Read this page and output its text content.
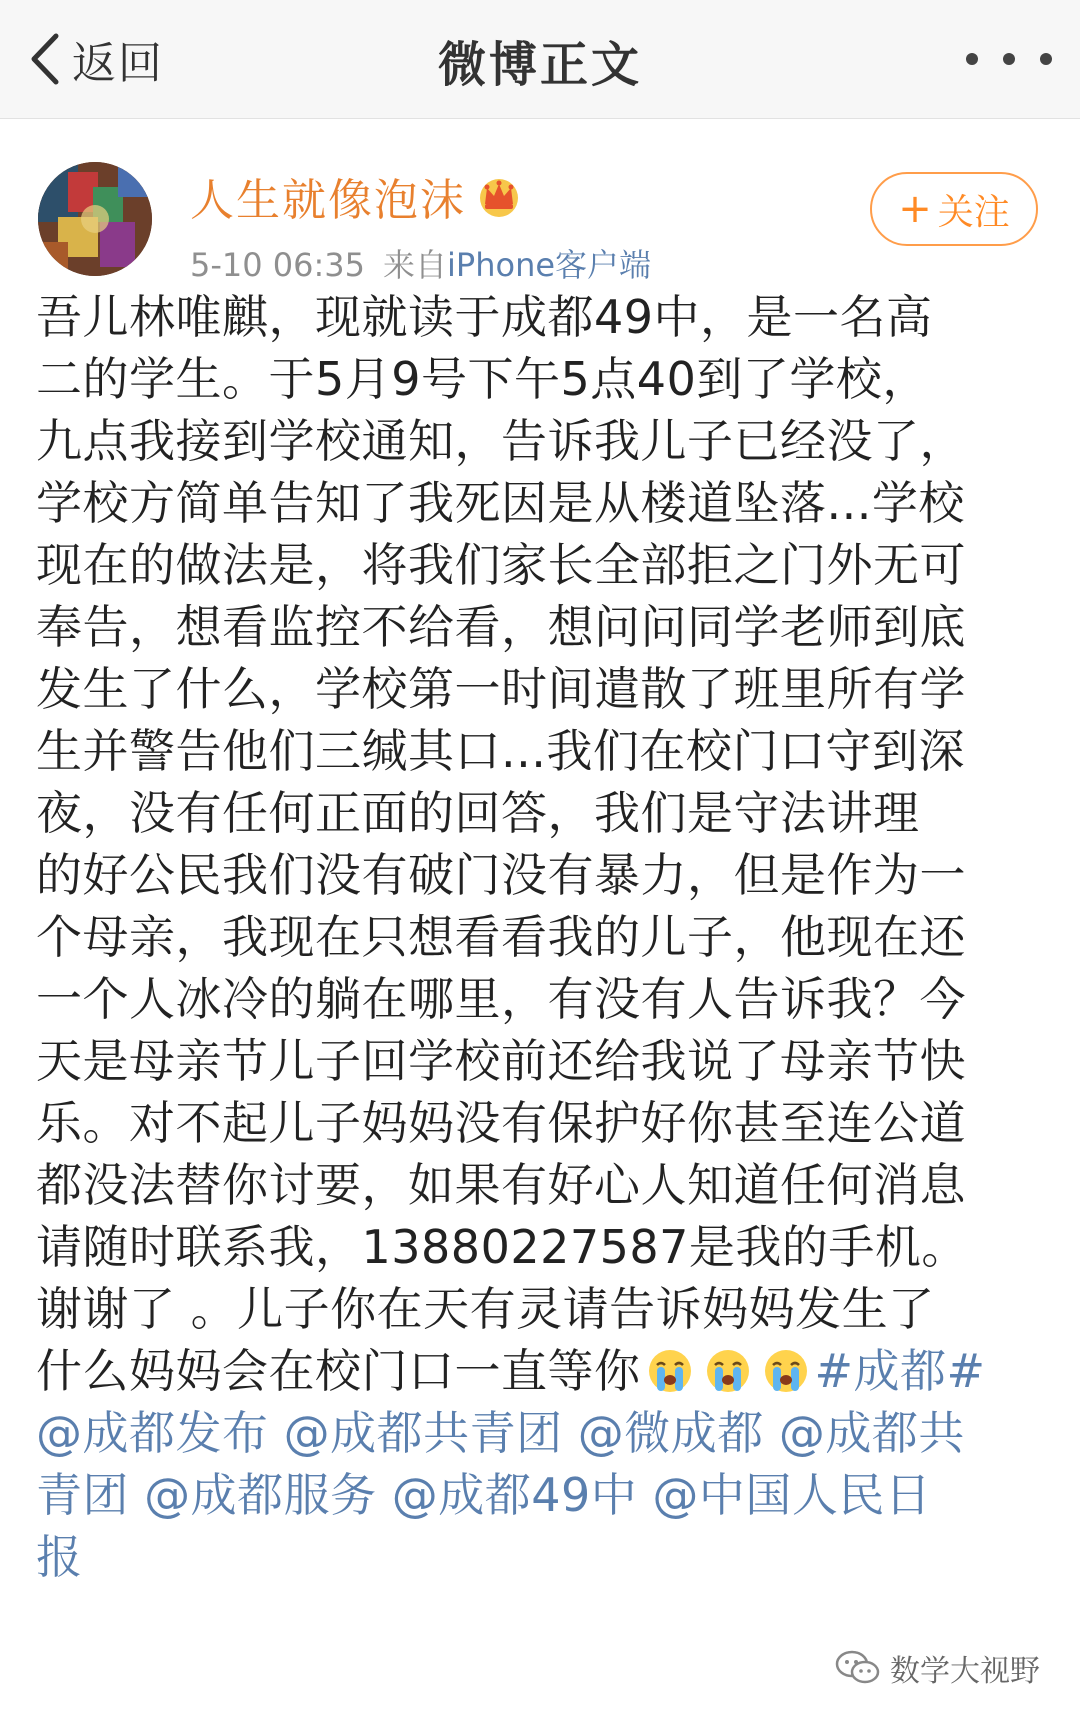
返回	微博正文
人生就像泡沫
5-10 06:35 来自iPhone客户端
+ 关注
吾儿林唯麒，现就读于成都49中，是一名高
二的学生。于5月9号下午5点40到了学校，
九点我接到学校通知，告诉我儿子已经没了，
学校方简单告知了我死因是从楼道坠落...学校
现在的做法是，将我们家长全部拒之门外无可
奉告，想看监控不给看，想问问同学老师到底
发生了什么，学校第一时间遣散了班里所有学
生并警告他们三缄其口...我们在校门口守到深
夜，没有任何正面的回答，我们是守法讲理
的好公民我们没有破门没有暴力，但是作为一
个母亲，我现在只想看看我的儿子，他现在还
一个人冰冷的躺在哪里，有没有人告诉我？今
天是母亲节儿子回学校前还给我说了母亲节快
乐。对不起儿子妈妈没有保护好你甚至连公道
都没法替你讨要，如果有好心人知道任何消息
请随时联系我，13880227587是我的手机。
谢谢了 。儿子你在天有灵请告诉妈妈发生了
什么妈妈会在校门口一直等你	#成都#
@成都发布 @成都共青团 @微成都 @成都共
青团 @成都服务 @成都49中 @中国人民日
报
数学大视野
